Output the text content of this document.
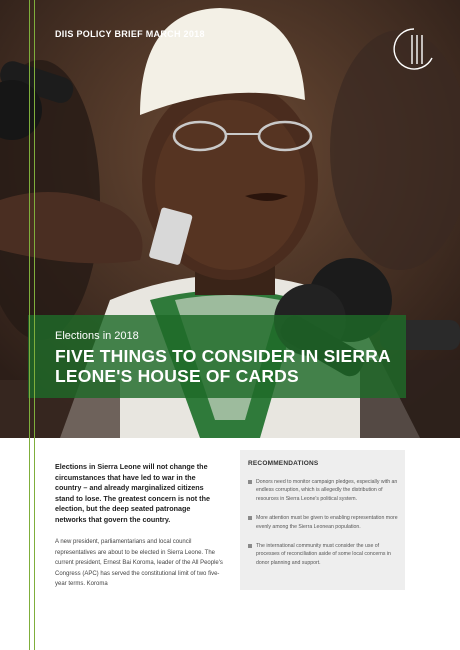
DIIS POLICY BRIEF MARCH 2018
Elections in 2018
FIVE THINGS TO CONSIDER IN SIERRA LEONE'S HOUSE OF CARDS
Elections in Sierra Leone will not change the circumstances that have led to war in the country – and already marginalized citizens stand to lose. The greatest concern is not the election, but the deep seated patronage networks that govern the country.
A new president, parliamentarians and local council representatives are about to be elected in Sierra Leone. The current president, Ernest Bai Koroma, leader of the All People's Congress (APC) has served the constitutional limit of two five-year terms. Koroma
RECOMMENDATIONS
Donors need to monitor campaign pledges, especially with an endless corruption, which is allegedly the distribution of resources in Sierra Leone's political system.
More attention must be given to enabling representation more evenly among the Sierra Leonean population.
The international community must consider the use of processes of reconciliation aside of some local concerns in donor planning and support.
